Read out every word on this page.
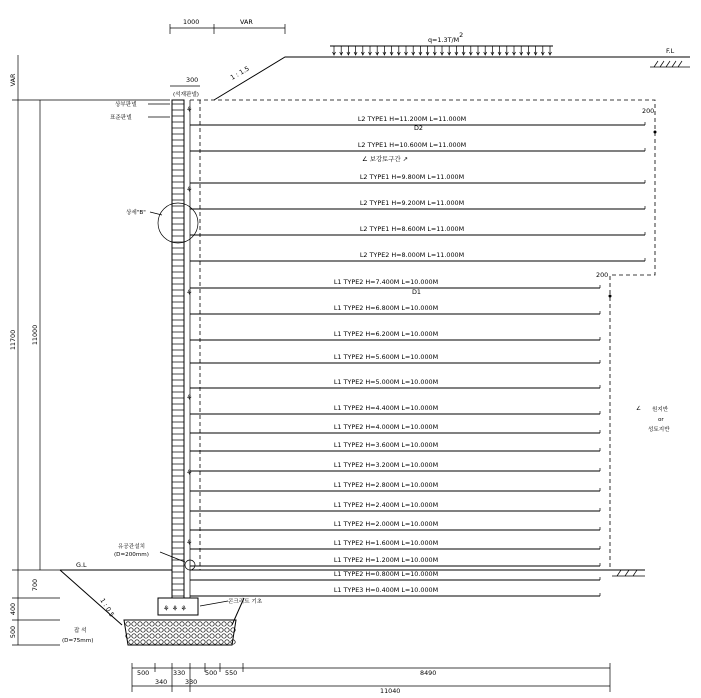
1000	VAR
q=1.3T/M2
F.L
1 : 1.5
300
(석재판넬)
상부판넬
표준판넬
VAR
11700 11000
700
500
400
⚘
⚘
⚘
⚘
⚘
⚘
상세"B"
유공관설치
(D=200mm)
L2 TYPE1 H=11.200M L=11.000M
L2 TYPE1 H=10.600M L=11.000M
L2 TYPE1 H=9.800M L=11.000M
L2 TYPE1 H=9.200M L=11.000M
L2 TYPE1 H=8.600M L=11.000M
L2 TYPE2 H=8.000M L=11.000M
L1 TYPE2 H=7.400M L=10.000M
L1 TYPE2 H=6.800M L=10.000M
L1 TYPE2 H=6.200M L=10.000M
L1 TYPE2 H=5.600M L=10.000M
L1 TYPE2 H=5.000M L=10.000M
L1 TYPE2 H=4.400M L=10.000M
L1 TYPE2 H=4.000M L=10.000M
L1 TYPE2 H=3.600M L=10.000M
L1 TYPE2 H=3.200M L=10.000M
L1 TYPE2 H=2.800M L=10.000M
L1 TYPE2 H=2.400M L=10.000M
L1 TYPE2 H=2.000M L=10.000M
L1 TYPE2 H=1.600M L=10.000M
L1 TYPE2 H=1.200M L=10.000M
L1 TYPE2 H=0.800M L=10.000M
L1 TYPE3 H=0.400M L=10.000M
D2
200
D1
200
∠ 보강토구간 ↗
∠ 원지반
or
성토지반
G.L
⚘ ⚘ ⚘
콘크리트 기초
1 : 0.5
잡 석
(D=75mm)
500	330	500 550	8490
340	330
11040
